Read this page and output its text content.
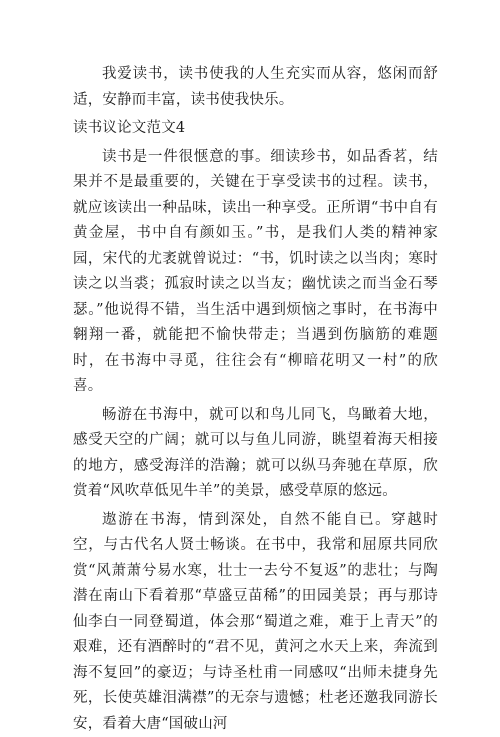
我爱读书，读书使我的人生充实而从容，悠闲而舒适，安静而丰富，读书使我快乐。

读书议论文范文4

读书是一件很惬意的事。细读珍书，如品香茗，结果并不是最重要的，关键在于享受读书的过程。读书，就应该读出一种品味，读出一种享受。正所谓“书中自有黄金屋，书中自有颜如玉。”书，是我们人类的精神家园，宋代的尤袤就曾说过：“书，饥时读之以当肉；寒时读之以当裘；孤寂时读之以当友；幽忧读之而当金石琴瑟。”他说得不错，当生活中遇到烦恼之事时，在书海中翱翔一番，就能把不愉快带走；当遇到伤脑筋的难题时，在书海中寻觅，往往会有“柳暗花明又一村”的欣喜。

畅游在书海中，就可以和鸟儿同飞，鸟瞰着大地，感受天空的广阔；就可以与鱼儿同游，眺望着海天相接的地方，感受海洋的浩瀚；就可以纵马奔驰在草原，欣赏着“风吹草低见牛羊”的美景，感受草原的悠远。

遨游在书海，情到深处，自然不能自已。穿越时空，与古代名人贤士畅谈。在书中，我常和屈原共同欣赏“风萧萧兮易水寒，壮士一去兮不复返”的悲壮；与陶潜在南山下看着那“草盛豆苗稀”的田园美景；再与那诗仙李白一同登蜀道，体会那“蜀道之难，难于上青天”的艰难，还有酒醉时的“君不见，黄河之水天上来，奔流到海不复回”的豪迈；与诗圣杜甫一同感叹“出师未捷身先死，长使英雄泪满襟”的无奈与遗憾；杜老还邀我同游长安，看着大唐“国破山河
